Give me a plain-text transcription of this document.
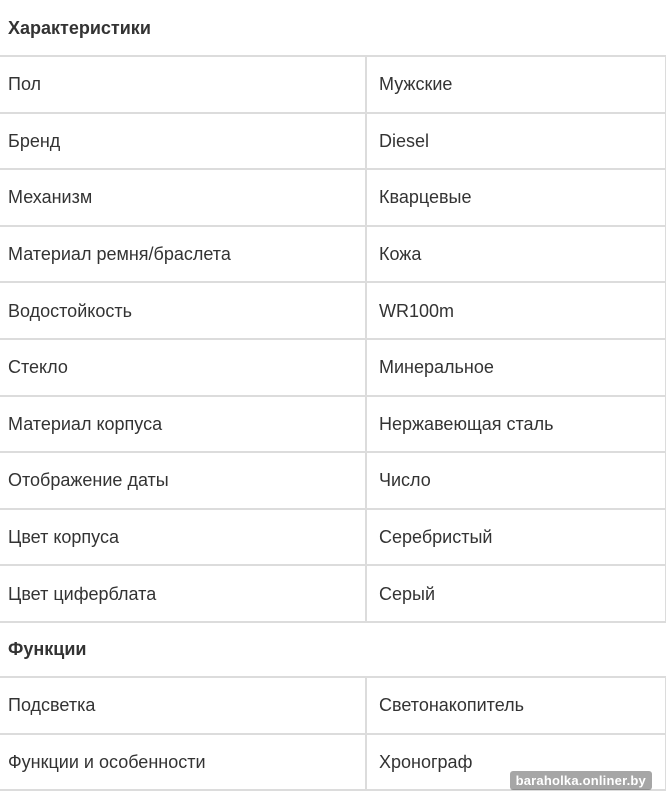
Характеристики	
Пол	Мужские
Бренд	Diesel
Механизм	Кварцевые
Материал ремня/браслета	Кожа
Водостойкость	WR100m
Стекло	Минеральное
Материал корпуса	Нержавеющая сталь
Отображение даты	Число
Цвет корпуса	Серебристый
Цвет циферблата	Серый
Функции	
Подсветка	Светонакопитель
Функции и особенности	Хронограф
baraholka.onliner.by
